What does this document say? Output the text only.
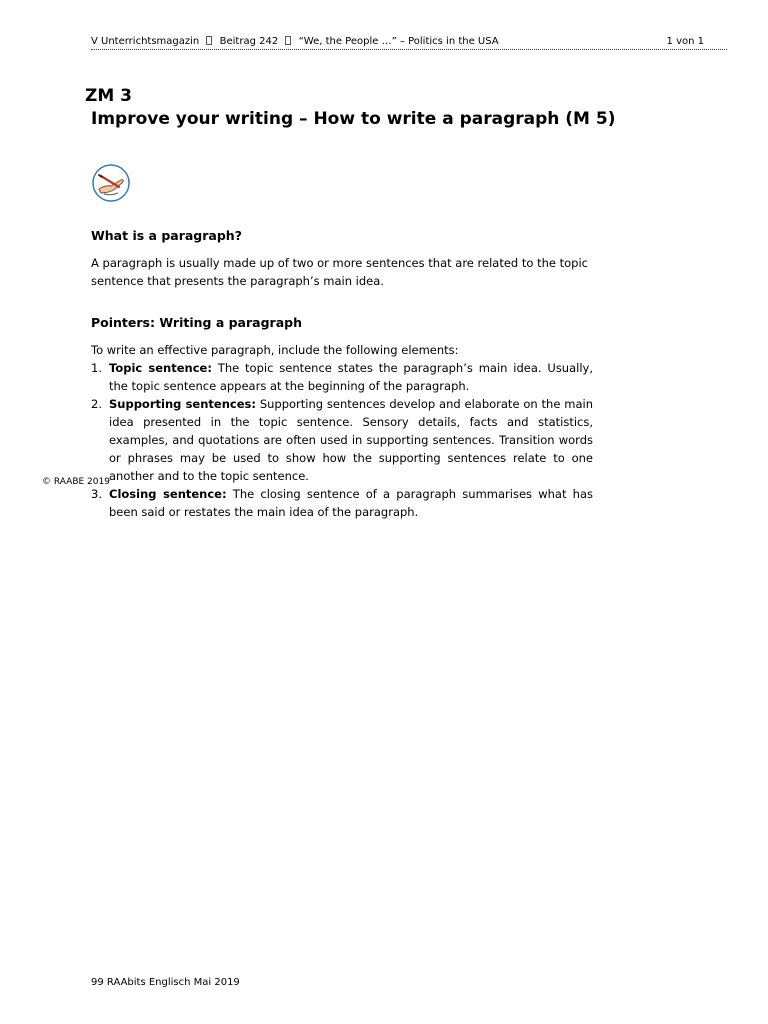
V Unterrichtsmagazin Beitrag 242 “We, the People …” – Politics in the USA	1 von 1
ZM 3
Improve your writing – How to write a paragraph (M 5)
What is a paragraph?
A paragraph is usually made up of two or more sentences that are related to the topic sentence that presents the paragraph’s main idea.
Pointers: Writing a paragraph
To write an effective paragraph, include the following elements:
1. Topic sentence: The topic sentence states the paragraph’s main idea. Usually, the topic sentence appears at the beginning of the paragraph.
2. Supporting sentences: Supporting sentences develop and elaborate on the main idea presented in the topic sentence. Sensory details, facts and statistics, examples, and quotations are often used in supporting sentences. Transition words or phrases may be used to show how the supporting sentences relate to one another and to the topic sentence.
3. Closing sentence: The closing sentence of a paragraph summarises what has been said or restates the main idea of the paragraph.
© RAABE 2019
99 RAAbits Englisch Mai 2019
